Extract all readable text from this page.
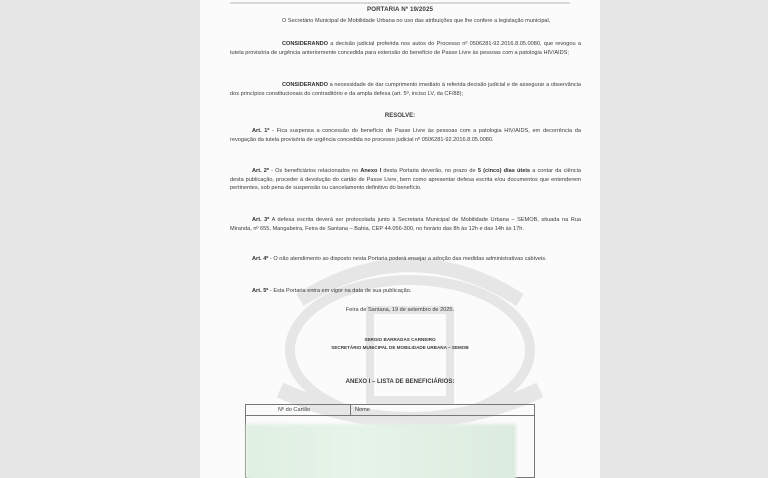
PORTARIA Nº 19/2025

O Secretário Municipal de Mobilidade Urbana no uso das atribuições que lhe confere a legislação municipal,

CONSIDERANDO a decisão judicial proferida nos autos do Processo nº 0506281-92.2016.8.05.0080, que revogou a tutela provisória de urgência anteriormente concedida para extensão do benefício de Passe Livre às pessoas com a patologia HIV/AIDS;

CONSIDERANDO a necessidade de dar cumprimento imediato à referida decisão judicial e de assegurar a observância dos princípios constitucionais do contraditório e da ampla defesa (art. 5º, inciso LV, da CF/88);

RESOLVE:

Art. 1º - Fica suspensa a concessão do benefício de Passe Livre às pessoas com a patologia HIV/AIDS, em decorrência da revogação da tutela provisória de urgência concedida no processo judicial nº 0506281-92.2016.8.05.0080.

Art. 2º - Os beneficiários relacionados no Anexo I desta Portaria deverão, no prazo de 5 (cinco) dias úteis a contar da ciência desta publicação, proceder à devolução do cartão de Passe Livre, bem como apresentar defesa escrita e/ou documentos que entenderem pertinentes, sob pena de suspensão ou cancelamento definitivo do benefício.

Art. 3º A defesa escrita deverá ser protocolada junto à Secretaria Municipal de Mobilidade Urbana – SEMOB, situada na Rua Miranda, nº 655, Mangabeira, Feira de Santana – Bahia, CEP 44.056-300, no horário das 8h às 12h e das 14h às 17h.

Art. 4º - O não atendimento ao disposto nesta Portaria poderá ensejar a adoção das medidas administrativas cabíveis.

Art. 5º - Esta Portaria entra em vigor na data de sua publicação.

Feira de Santana, 19 de setembro de 2025.
SERGIO BARRADAS CARNEIRO
SECRETÁRIO MUNICIPAL DE MOBILIDADE URBANA – SEMOB
ANEXO I – LISTA DE BENEFICIÁRIOS:
Nº do Cartão	Nome
